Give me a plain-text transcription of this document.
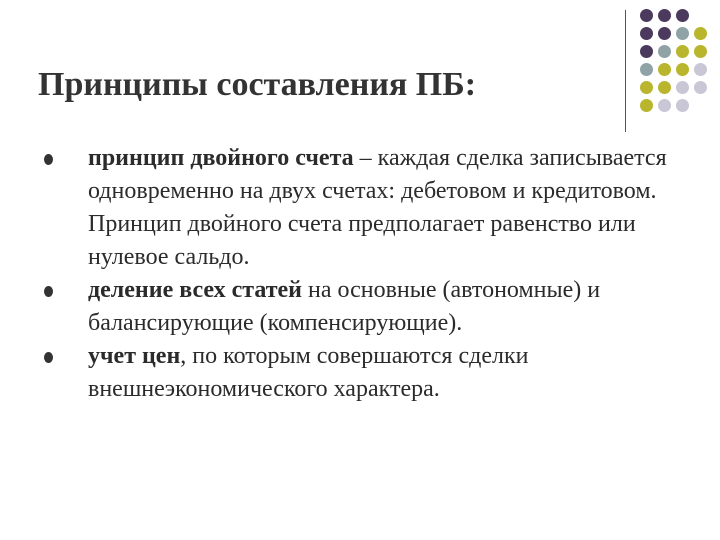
Принципы составления ПБ:
принцип двойного счета – каждая сделка записывается одновременно на двух счетах: дебетовом и кредитовом. Принцип двойного счета предполагает равенство или нулевое сальдо.
деление всех статей на основные (автономные) и балансирующие (компенсирующие).
учет цен, по которым совершаются сделки внешнеэкономического характера.
